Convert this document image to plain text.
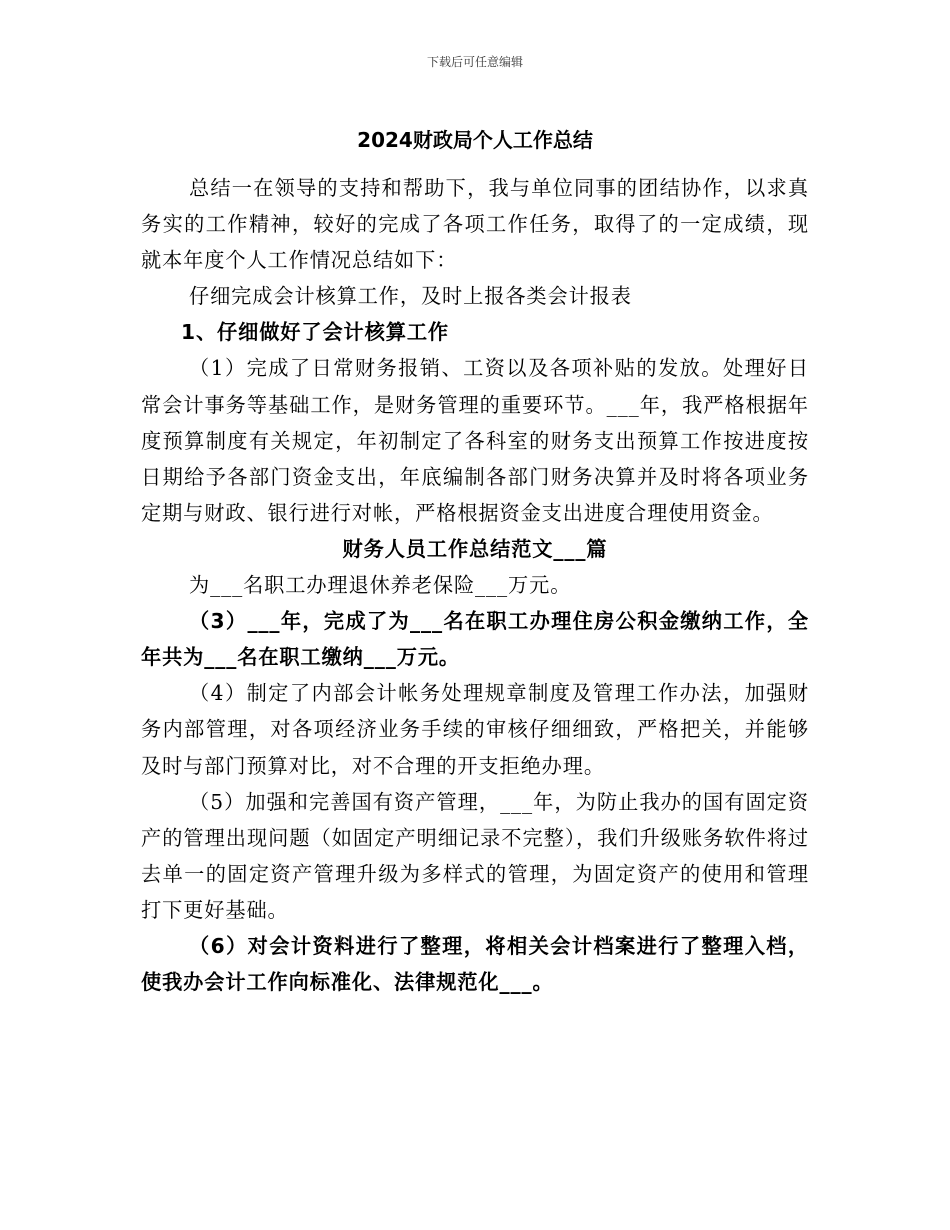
下载后可任意编辑
2024财政局个人工作总结

总结一在领导的支持和帮助下，我与单位同事的团结协作，以求真务实的工作精神，较好的完成了各项工作任务，取得了的一定成绩，现就本年度个人工作情况总结如下：

仔细完成会计核算工作，及时上报各类会计报表

1、仔细做好了会计核算工作

（1）完成了日常财务报销、工资以及各项补贴的发放。处理好日常会计事务等基础工作，是财务管理的重要环节。___年，我严格根据年度预算制度有关规定，年初制定了各科室的财务支出预算工作按进度按日期给予各部门资金支出，年底编制各部门财务决算并及时将各项业务定期与财政、银行进行对帐，严格根据资金支出进度合理使用资金。

财务人员工作总结范文___篇

为___名职工办理退休养老保险___万元。

（3）___年，完成了为___名在职工办理住房公积金缴纳工作，全年共为___名在职工缴纳___万元。

（4）制定了内部会计帐务处理规章制度及管理工作办法，加强财务内部管理，对各项经济业务手续的审核仔细细致，严格把关，并能够及时与部门预算对比，对不合理的开支拒绝办理。

（5）加强和完善国有资产管理，___年，为防止我办的国有固定资产的管理出现问题（如固定产明细记录不完整），我们升级账务软件将过去单一的固定资产管理升级为多样式的管理，为固定资产的使用和管理打下更好基础。

（6）对会计资料进行了整理，将相关会计档案进行了整理入档，使我办会计工作向标准化、法律规范化___。
